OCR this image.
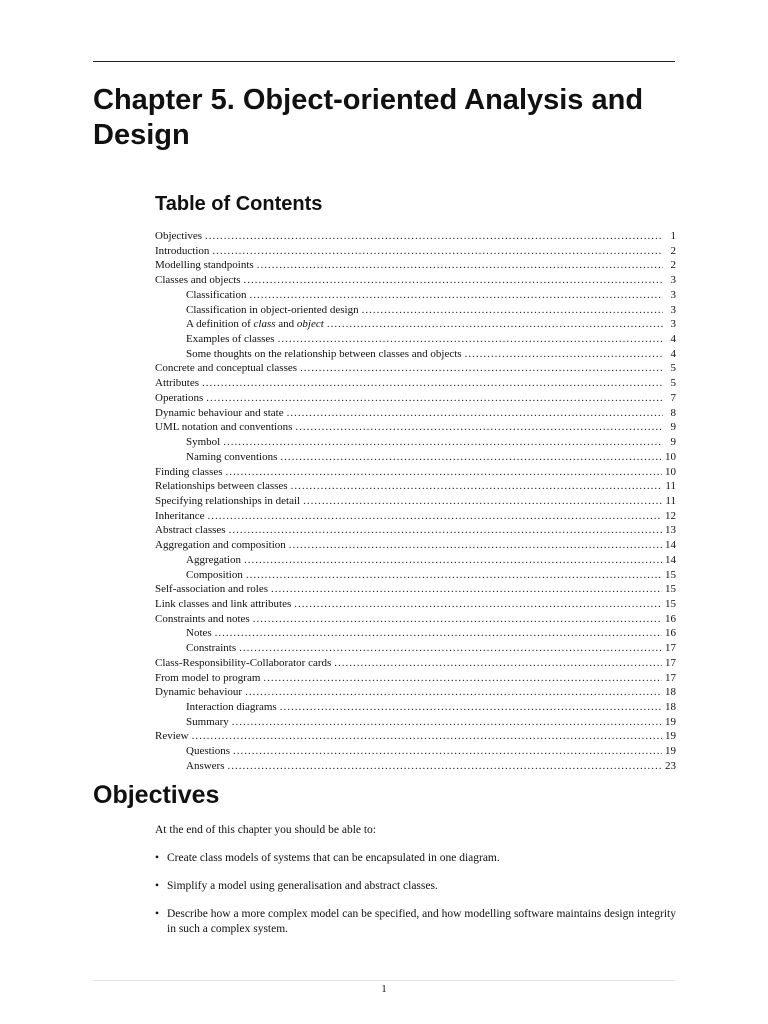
Chapter 5. Object-oriented Analysis and Design
Table of Contents
Objectives .....	1
Introduction .....	2
Modelling standpoints .....	2
Classes and objects .....	3
Classification .....	3
Classification in object-oriented design .....	3
A definition of class and object .....	3
Examples of classes .....	4
Some thoughts on the relationship between classes and objects .....	4
Concrete and conceptual classes .....	5
Attributes .....	5
Operations .....	7
Dynamic behaviour and state .....	8
UML notation and conventions .....	9
Symbol .....	9
Naming conventions .....	10
Finding classes .....	10
Relationships between classes .....	11
Specifying relationships in detail .....	11
Inheritance .....	12
Abstract classes .....	13
Aggregation and composition .....	14
Aggregation .....	14
Composition .....	15
Self-association and roles .....	15
Link classes and link attributes .....	15
Constraints and notes .....	16
Notes .....	16
Constraints .....	17
Class-Responsibility-Collaborator cards .....	17
From model to program .....	17
Dynamic behaviour .....	18
Interaction diagrams .....	18
Summary .....	19
Review .....	19
Questions .....	19
Answers .....	23
Objectives

At the end of this chapter you should be able to:

• Create class models of systems that can be encapsulated in one diagram.
• Simplify a model using generalisation and abstract classes.
• Describe how a more complex model can be specified, and how modelling software maintains design integrity in such a complex system.
1
